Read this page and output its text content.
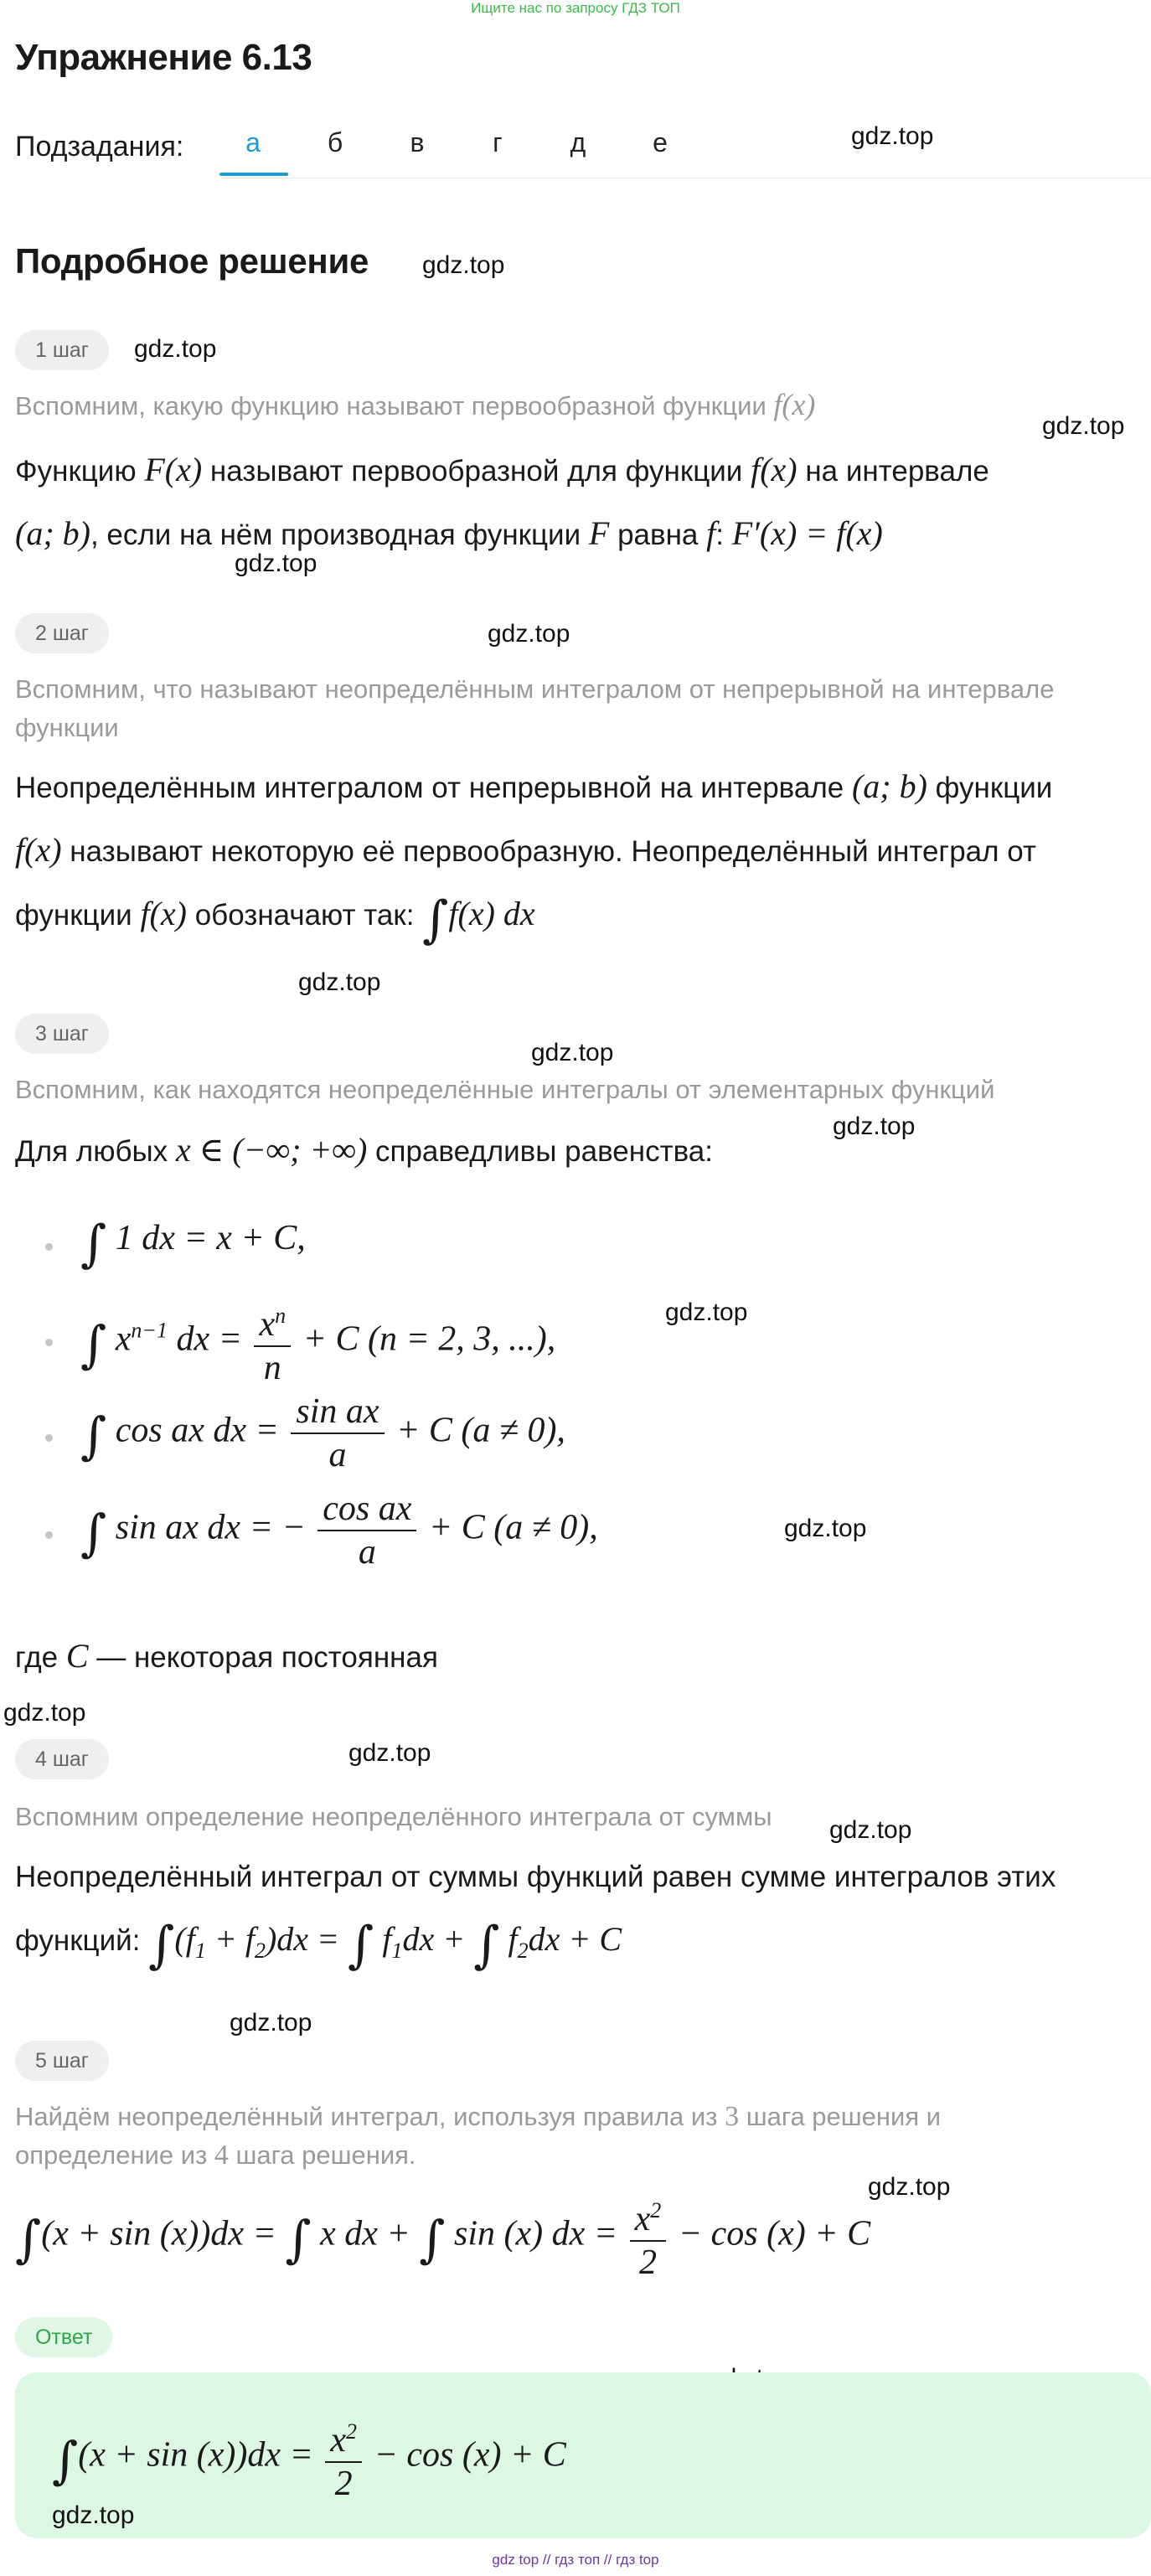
Ищите нас по запросу ГДЗ ТОП
Упражнение 6.13
Подзадания:	а	б	в	г	д	е	gdz.top
Подробное решение gdz.top
1 шаг	gdz.top
Вспомним, какую функцию называют первообразной функции f(x)
gdz.top
Функцию F(x) называют первообразной для функции f(x) на интервале
(a; b), если на нём производная функции F равна f: F′(x) = f(x)
gdz.top
2 шаг	gdz.top
Вспомним, что называют неопределённым интегралом от непрерывной на интервале функции
Неопределённым интегралом от непрерывной на интервале (a; b) функции
f(x) называют некоторую её первообразную. Неопределённый интеграл от
функции f(x) обозначают так: ∫f(x) dx
gdz.top
3 шаг
gdz.top
Вспомним, как находятся неопределённые интегралы от элементарных функций
gdz.top
Для любых x ∈ (−∞; +∞) справедливы равенства:
∫ 1 dx = x + C,
∫ $x^{n-1}$ dx = $\frac{x^n}{n} + C$ (n = 2, 3, ...),
gdz.top
∫ cos ax dx = $\frac{\text{sin ax}}{a} + C$ (a ≠ 0),
∫ sin ax dx = − $\frac{\text{cos ax}}{a} + C$ (a ≠ 0),	gdz.top
где C — некоторая постоянная
gdz.top
4 шаг	gdz.top
Вспомним определение неопределённого интеграла от суммы	gdz.top
Неопределённый интеграл от суммы функций равен сумме интегралов этих
функций: $\int(f_1 + f_2)dx$ = ∫ $f_1dx$ + ∫ $f_2dx + C$
gdz.top
5 шаг
Найдём неопределённый интеграл, используя правила из 3 шага решения и
определение из 4 шага решения.
gdz.top
∫(x + sin (x))dx = ∫ x dx + ∫ sin (x) dx = $\frac{x^2}{2} - \cos (x) + C$
Ответ
$\int(x + \sin (x))dx = \frac{x^2}{2} - \cos (x) + C$
gdz.top
gdz top // гдз топ // гдз top
